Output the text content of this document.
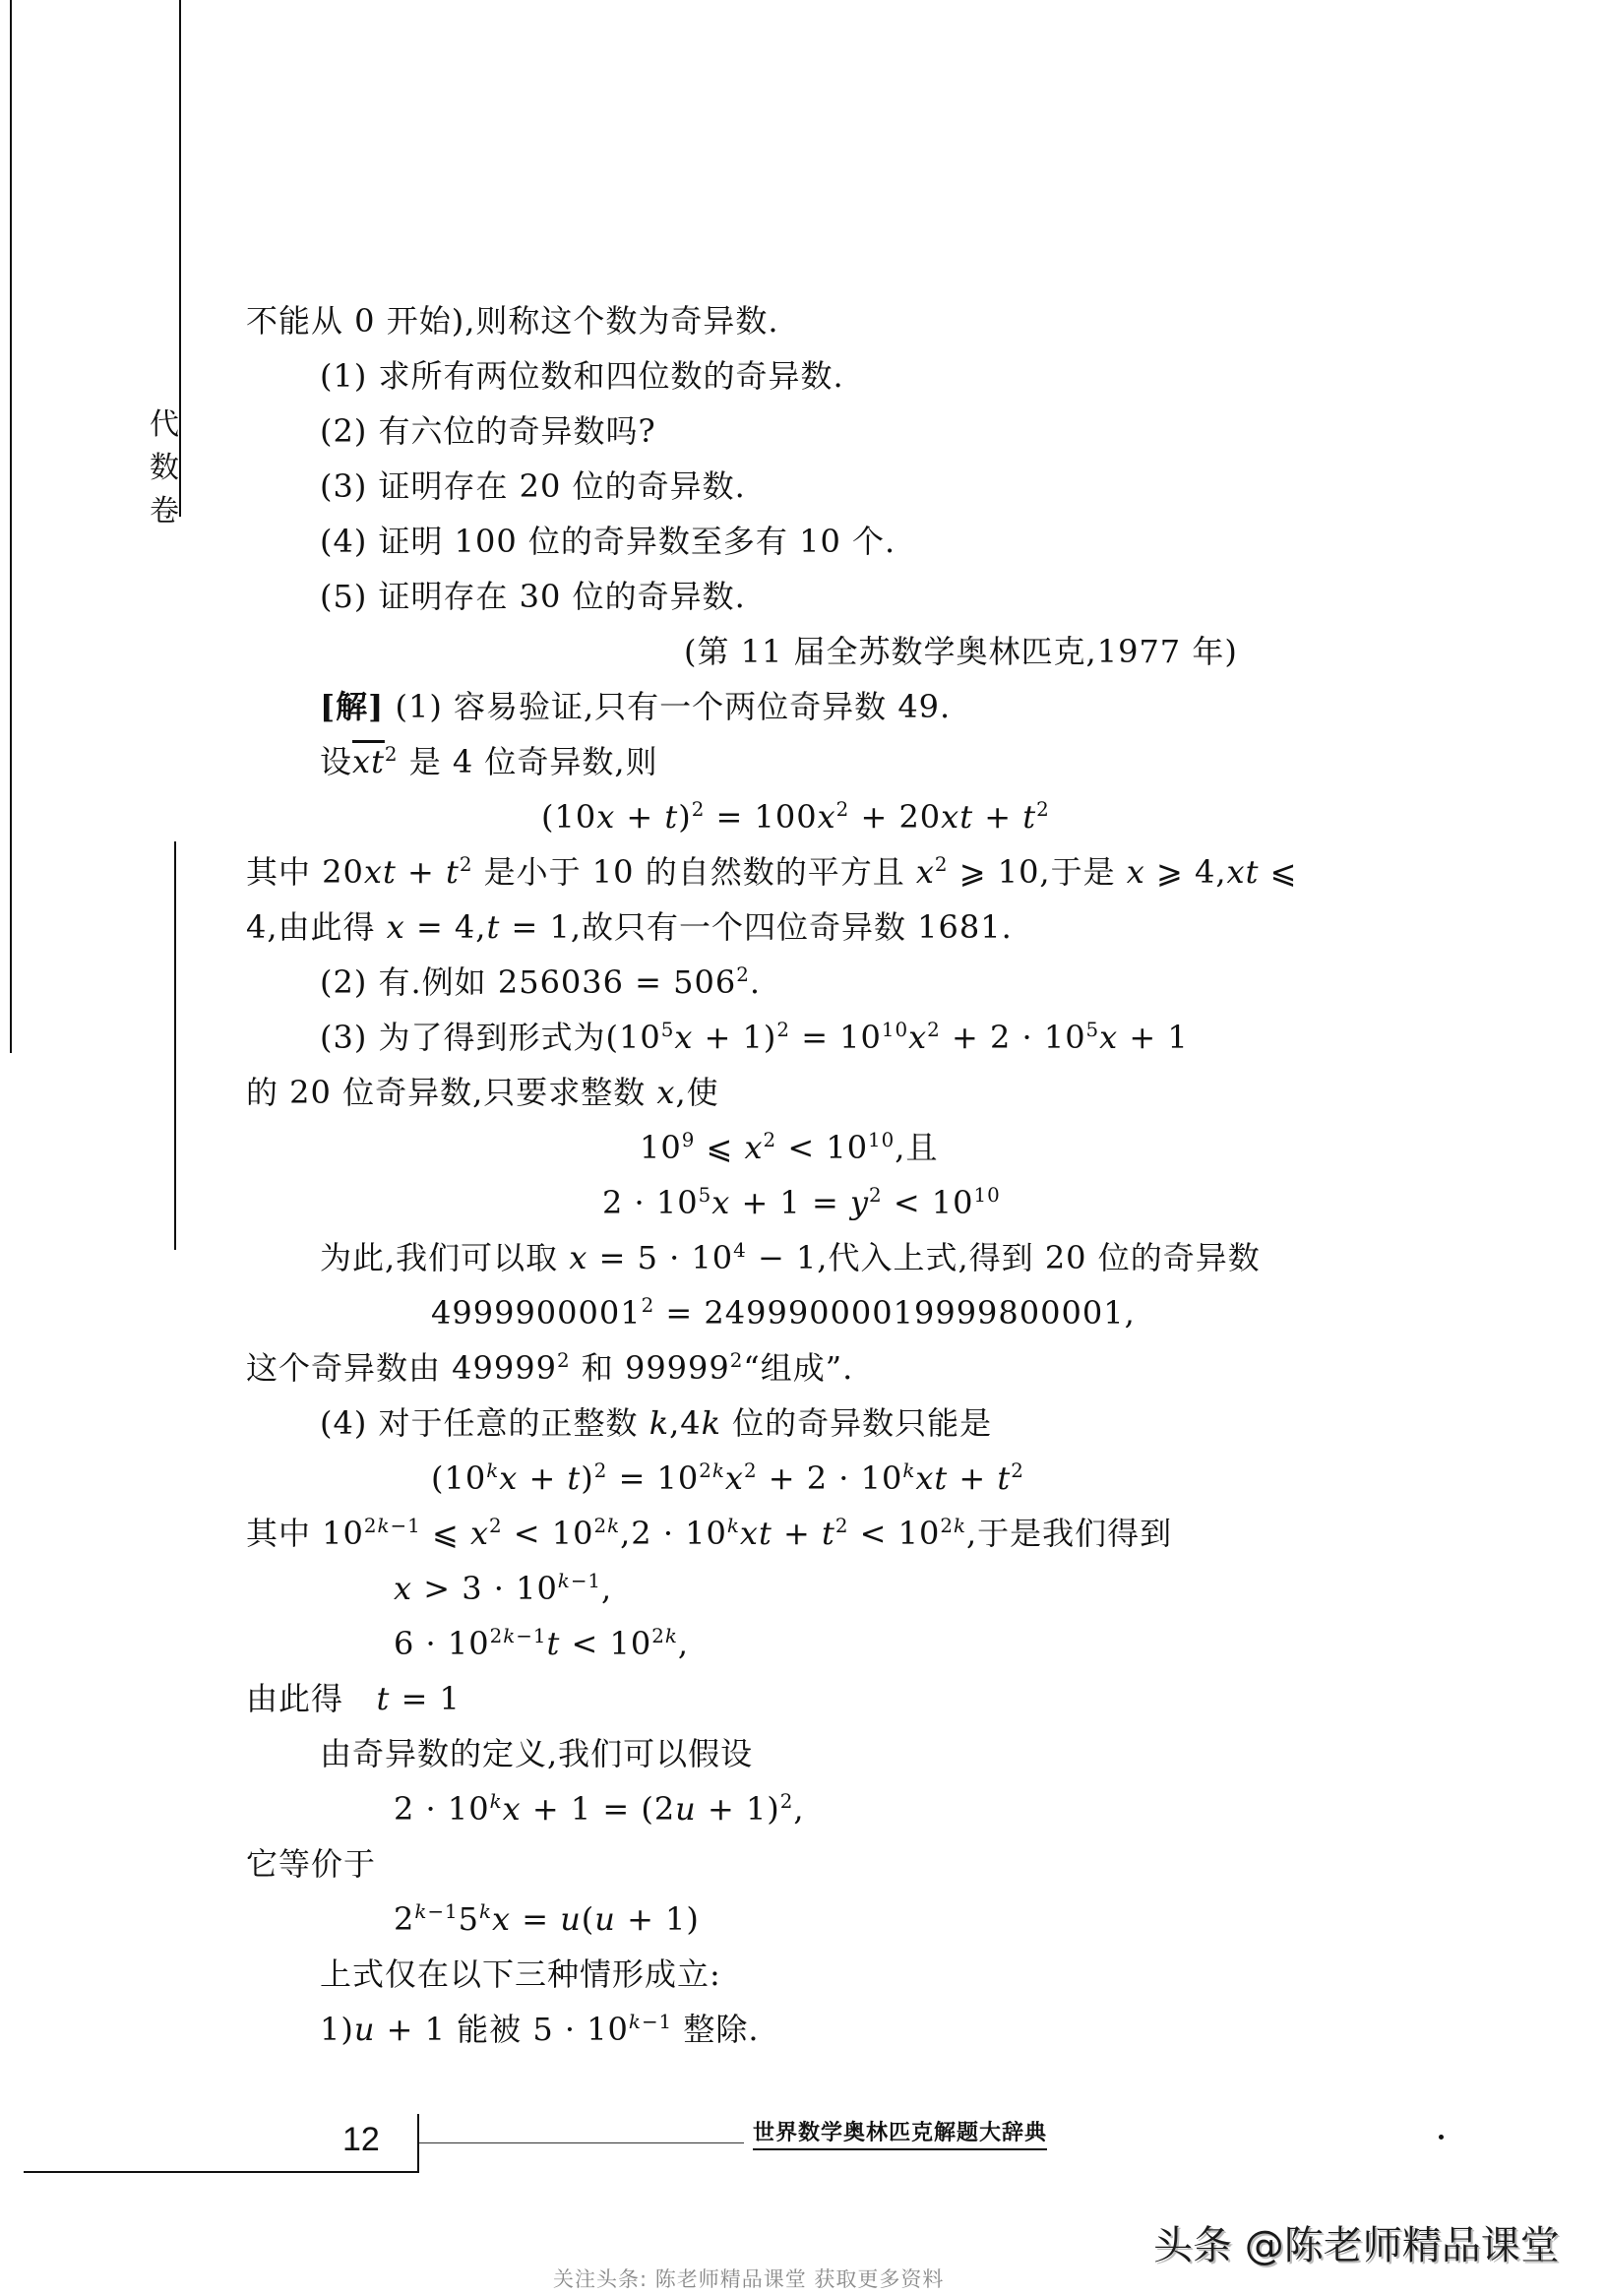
代
数
卷
不能从 0 开始),则称这个数为奇异数.
(1) 求所有两位数和四位数的奇异数.
(2) 有六位的奇异数吗?
(3) 证明存在 20 位的奇异数.
(4) 证明 100 位的奇异数至多有 10 个.
(5) 证明存在 30 位的奇异数.
(第 11 届全苏数学奥林匹克,1977 年)
[解] (1) 容易验证,只有一个两位奇异数 49.
设$\overline{xt}^2$ 是 4 位奇异数,则
$(10x + t)^2 = 100x^2 + 20xt + t^2$
其中 $20xt + t^2$ 是小于 10 的自然数的平方且 $x^2$ ⩾ 10,于是 x ⩾ 4,xt ⩽
4,由此得 x = 4,t = 1,故只有一个四位奇异数 1681.
(2) 有.例如 $256036 = 506^2$.
(3) 为了得到形式为$(10^5x + 1)^2 = 10^{10}x^2 + 2 \cdot 10^5x + 1$
的 20 位奇异数,只要求整数 x,使
$10^9$ ⩽ $x^2 < 10^{10}$,且
$2 \cdot 10^5x + 1 = y^2 < 10^{10}$
为此,我们可以取 $x = 5 \cdot 10^4 - 1$,代入上式,得到 20 位的奇异数
$4999900001^2 = 24999000019999800001$,
这个奇异数由 49999$^2$ 和 99999$^2$“组成”.
(4) 对于任意的正整数 k,4k 位的奇异数只能是
$(10^kx + t)^2 = 10^{2k}x^2 + 2 \cdot 10^kxt + t^2$
其中 $10^{2k-1}$ ⩽ $x^2 < 10^{2k},2 \cdot 10^kxt + t^2 < 10^{2k}$,于是我们得到
$x > 3 \cdot 10^{k-1}$,
$6 \cdot 10^{2k-1}t < 10^{2k}$,
由此得   t = 1
由奇异数的定义,我们可以假设
$2 \cdot 10^kx + 1 = (2u + 1)^2$,
它等价于
$2^{k-1}5^kx = u(u + 1)$
上式仅在以下三种情形成立:
1)u + 1 能被 $5 \cdot 10^{k-1}$ 整除.
12	世界数学奥林匹克解题大辞典
头条 @陈老师精品课堂
关注头条: 陈老师精品课堂 获取更多资料
